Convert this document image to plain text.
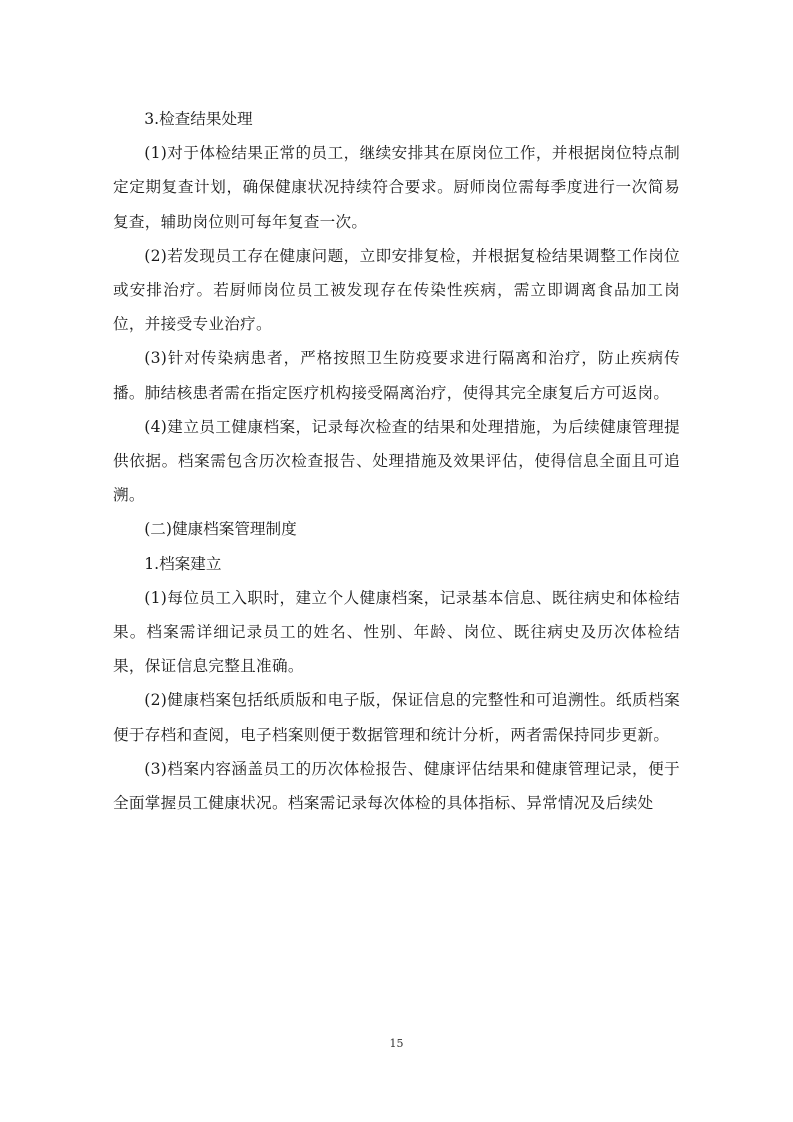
3.检查结果处理

(1)对于体检结果正常的员工，继续安排其在原岗位工作，并根据岗位特点制定定期复查计划，确保健康状况持续符合要求。厨师岗位需每季度进行一次简易复查，辅助岗位则可每年复查一次。

(2)若发现员工存在健康问题，立即安排复检，并根据复检结果调整工作岗位或安排治疗。若厨师岗位员工被发现存在传染性疾病，需立即调离食品加工岗位，并接受专业治疗。

(3)针对传染病患者，严格按照卫生防疫要求进行隔离和治疗，防止疾病传播。肺结核患者需在指定医疗机构接受隔离治疗，使得其完全康复后方可返岗。

(4)建立员工健康档案，记录每次检查的结果和处理措施，为后续健康管理提供依据。档案需包含历次检查报告、处理措施及效果评估，使得信息全面且可追溯。

(二)健康档案管理制度

1.档案建立

(1)每位员工入职时，建立个人健康档案，记录基本信息、既往病史和体检结果。档案需详细记录员工的姓名、性别、年龄、岗位、既往病史及历次体检结果，保证信息完整且准确。

(2)健康档案包括纸质版和电子版，保证信息的完整性和可追溯性。纸质档案便于存档和查阅，电子档案则便于数据管理和统计分析，两者需保持同步更新。

(3)档案内容涵盖员工的历次体检报告、健康评估结果和健康管理记录，便于全面掌握员工健康状况。档案需记录每次体检的具体指标、异常情况及后续处

15
